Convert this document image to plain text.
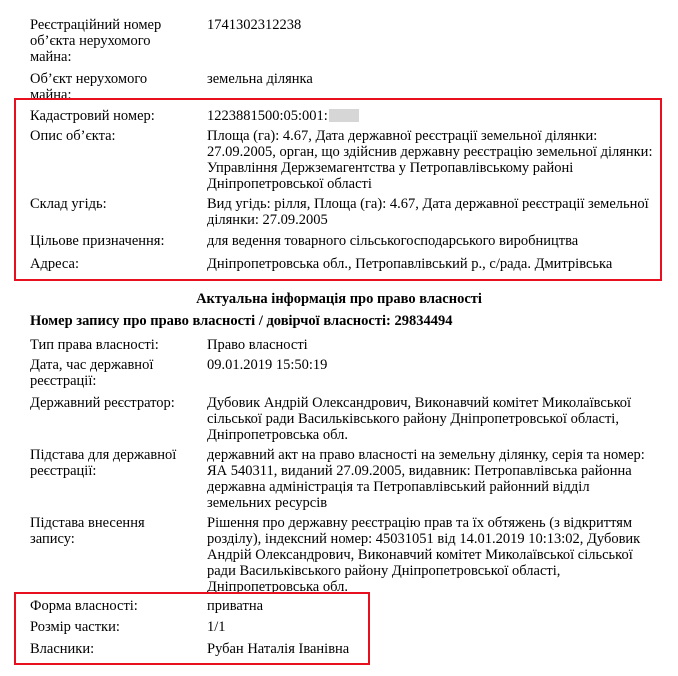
Реєстраційний номер об’єкта нерухомого майна:
1741302312238
Об’єкт нерухомого майна:
земельна ділянка
Кадастровий номер:	1223881500:05:001:
Опис об’єкта:	Площа (га): 4.67, Дата державної реєстрації земельної ділянки: 27.09.2005, орган, що здійснив державну реєстрацію земельної ділянки: Управління Держземагентства у Петропавлівському районі Дніпропетровської області
Склад угідь:	Вид угідь: рілля, Площа (га): 4.67, Дата державної реєстрації земельної ділянки: 27.09.2005
Цільове призначення:	для ведення товарного сільськогосподарського виробництва
Адреса:	Дніпропетровська обл., Петропавлівський р., с/рада. Дмитрівська
Актуальна інформація про право власності
Номер запису про право власності / довірчої власності: 29834494
Тип права власності:	Право власності
Дата, час державної реєстрації:
09.01.2019 15:50:19
Державний реєстратор:	Дубовик Андрій Олександрович, Виконавчий комітет Миколаївської сільської ради Васильківського району Дніпропетровської області, Дніпропетровська обл.
Підстава для державної реєстрації:
державний акт на право власності на земельну ділянку, серія та номер: ЯА 540311, виданий 27.09.2005, видавник: Петропавлівська районна державна адміністрація та Петропавлівський районний відділ земельних ресурсів
Підстава внесення запису:
Рішення про державну реєстрацію прав та їх обтяжень (з відкриттям розділу), індексний номер: 45031051 від 14.01.2019 10:13:02, Дубовик Андрій Олександрович, Виконавчий комітет Миколаївської сільської ради Васильківського району Дніпропетровської області, Дніпропетровська обл.
Форма власності:	приватна
Розмір частки:	1/1
Власники:	Рубан Наталія Іванівна
